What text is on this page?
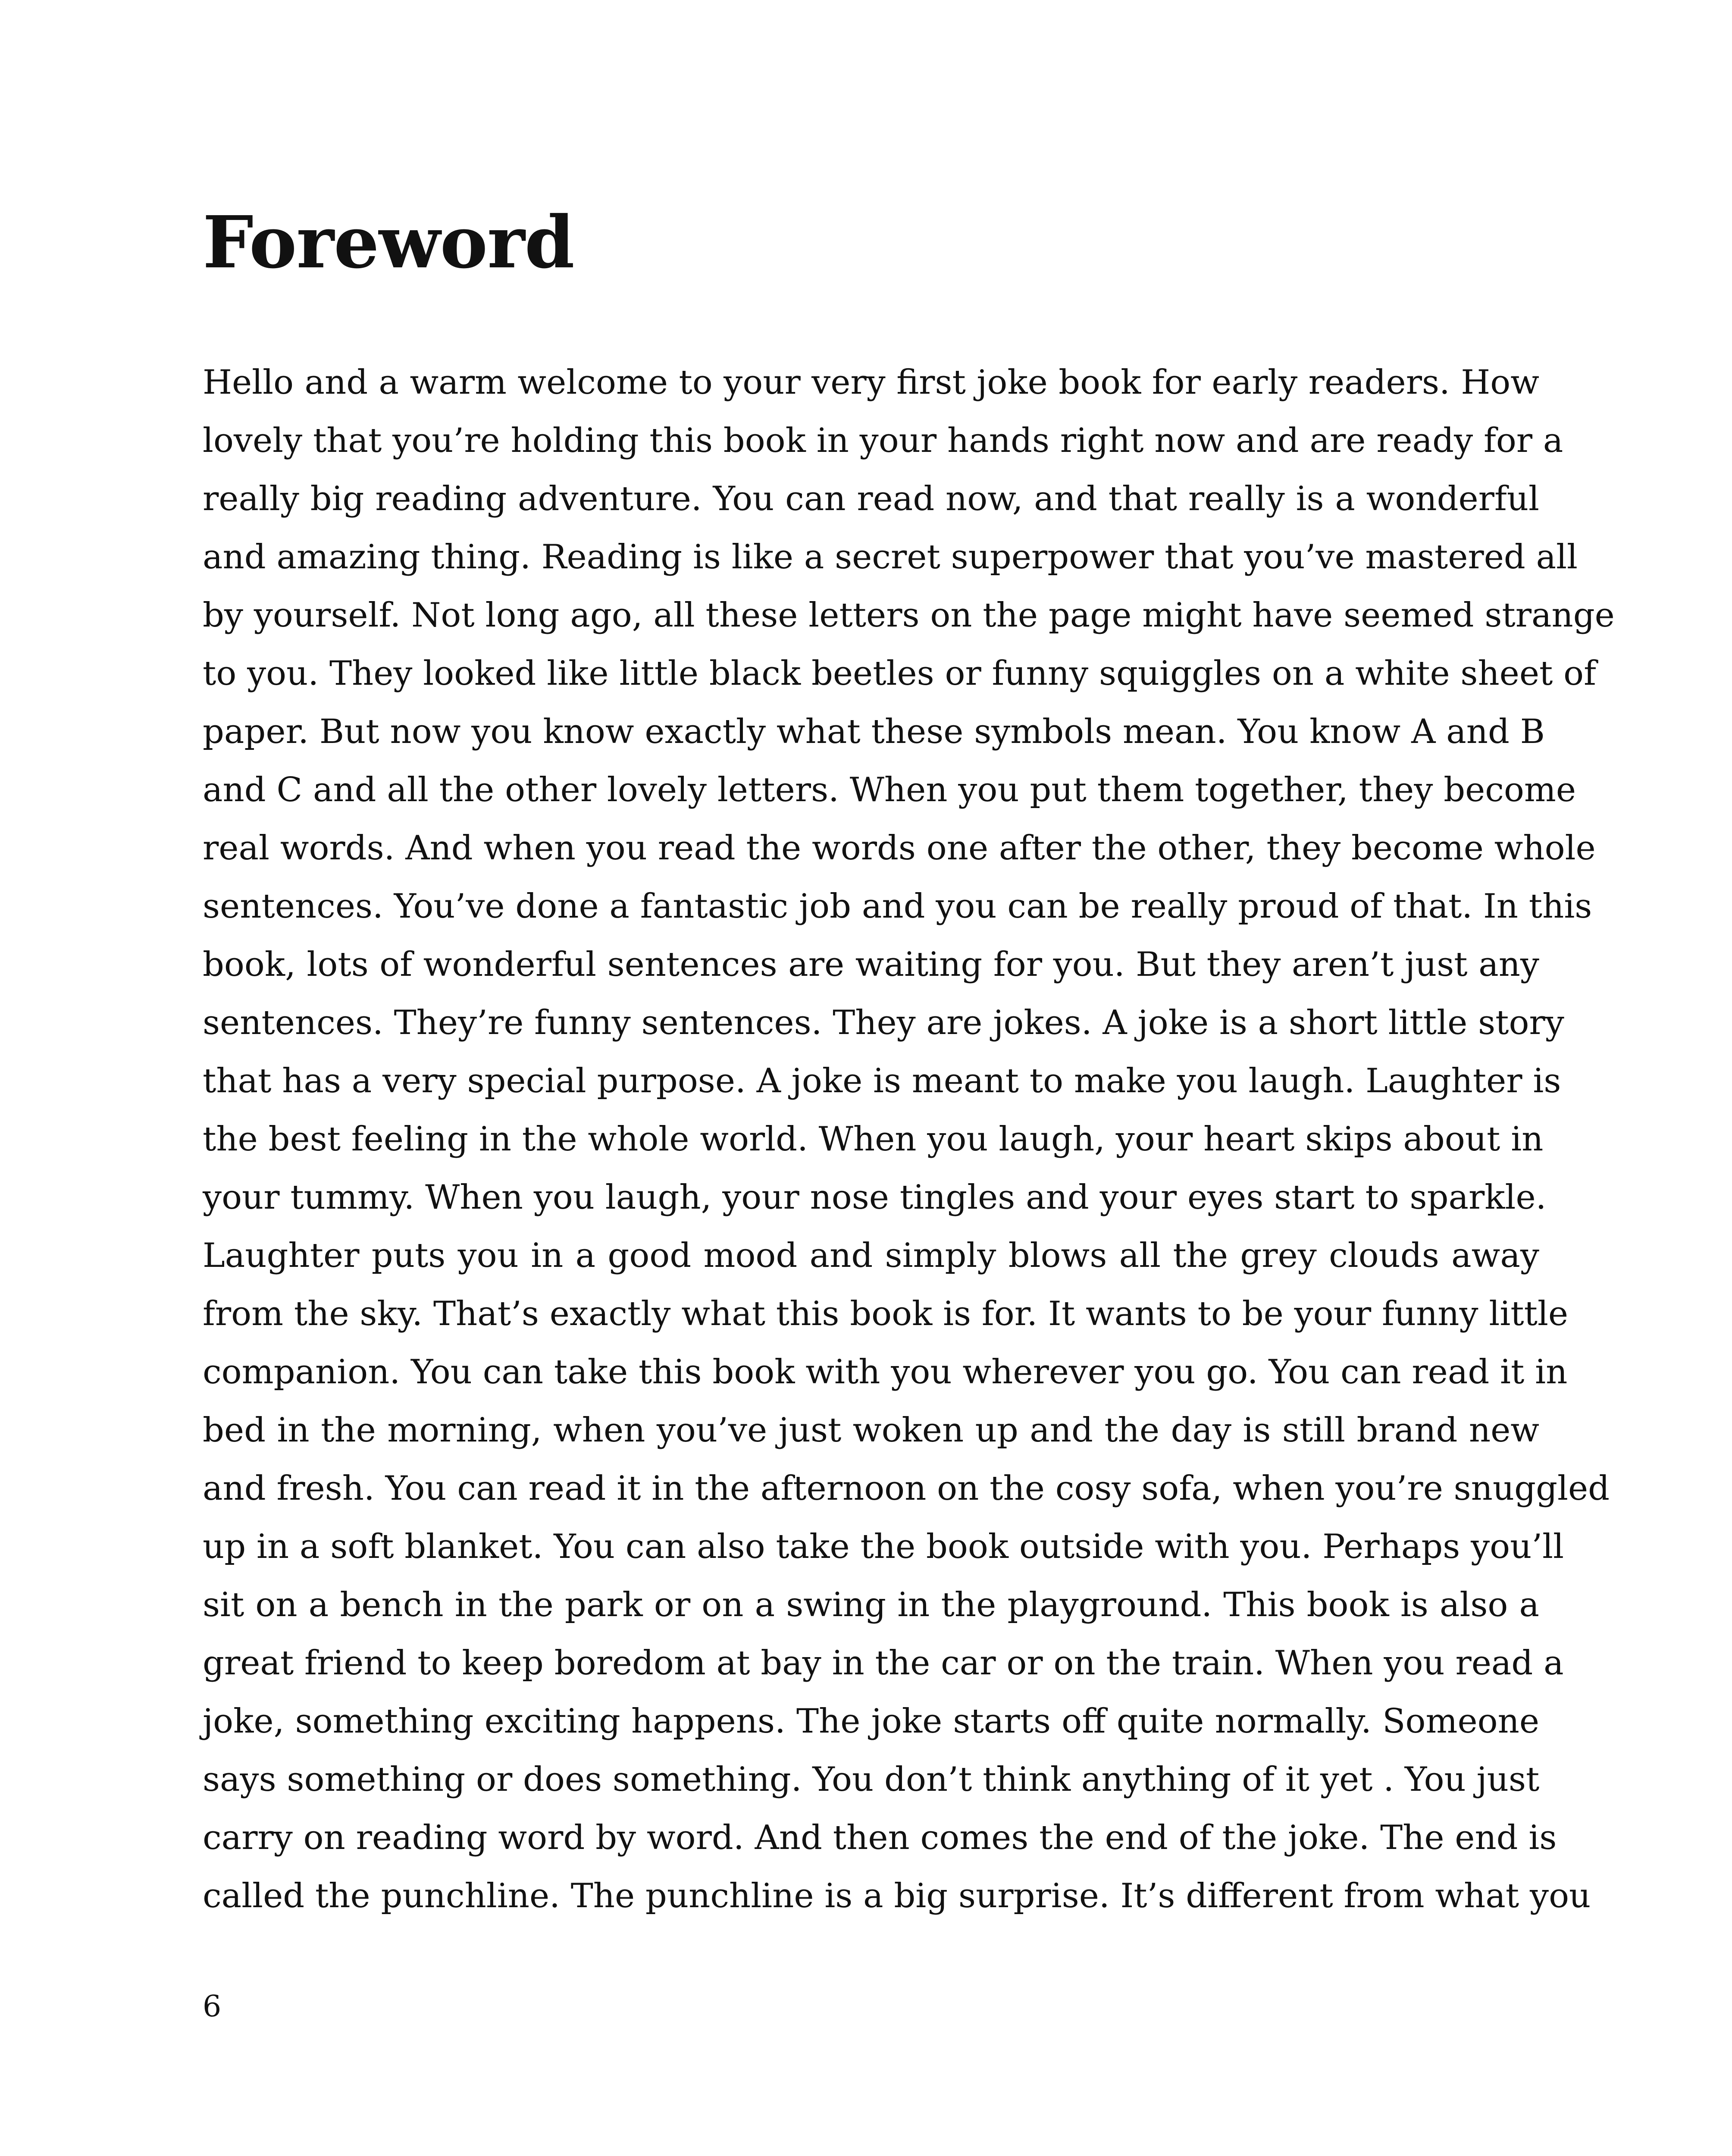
Foreword
Hello and a warm welcome to your very first joke book for early readers. How
lovely that you’re holding this book in your hands right now and are ready for a
really big reading adventure. You can read now, and that really is a wonderful
and amazing thing. Reading is like a secret superpower that you’ve mastered all
by yourself. Not long ago, all these letters on the page might have seemed strange
to you. They looked like little black beetles or funny squiggles on a white sheet of
paper. But now you know exactly what these symbols mean. You know A and B
and C and all the other lovely letters. When you put them together, they become
real words. And when you read the words one after the other, they become whole
sentences. You’ve done a fantastic job and you can be really proud of that. In this
book, lots of wonderful sentences are waiting for you. But they aren’t just any
sentences. They’re funny sentences. They are jokes. A joke is a short little story
that has a very special purpose. A joke is meant to make you laugh. Laughter is
the best feeling in the whole world. When you laugh, your heart skips about in
your tummy. When you laugh, your nose tingles and your eyes start to sparkle.
Laughter puts you in a good mood and simply blows all the grey clouds away
from the sky. That’s exactly what this book is for. It wants to be your funny little
companion. You can take this book with you wherever you go. You can read it in
bed in the morning, when you’ve just woken up and the day is still brand new
and fresh. You can read it in the afternoon on the cosy sofa, when you’re snuggled
up in a soft blanket. You can also take the book outside with you. Perhaps you’ll
sit on a bench in the park or on a swing in the playground. This book is also a
great friend to keep boredom at bay in the car or on the train. When you read a
joke, something exciting happens. The joke starts off quite normally. Someone
says something or does something. You don’t think anything of it yet . You just
carry on reading word by word. And then comes the end of the joke. The end is
called the punchline. The punchline is a big surprise. It’s different from what you
6
